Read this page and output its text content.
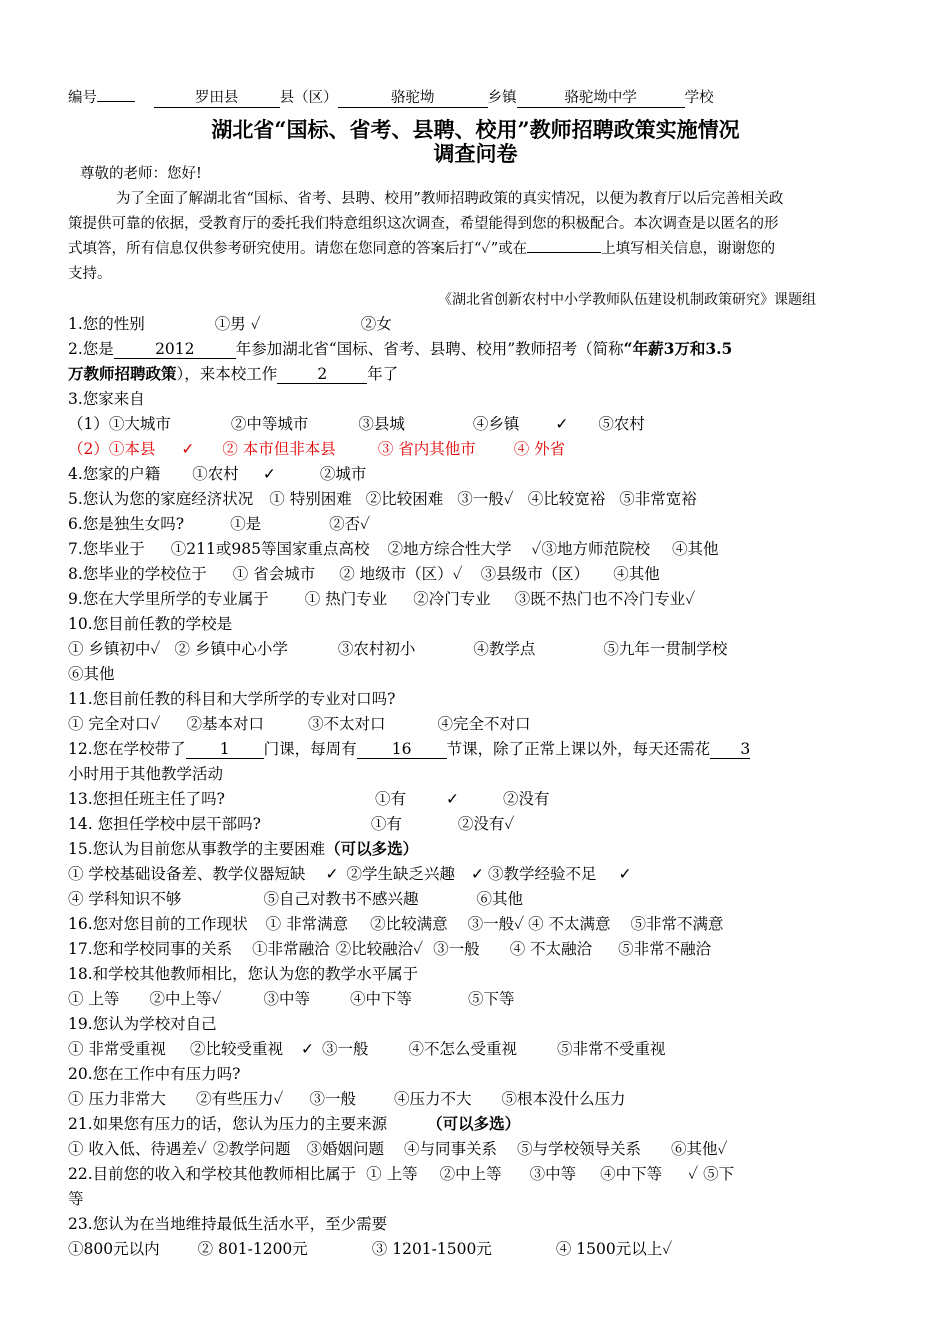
编号	罗田县	县（区）	骆驼坳	乡镇	骆驼坳中学	学校
湖北省“国标、省考、县聘、校用”教师招聘政策实施情况
调查问卷
尊敬的老师：您好!
为了全面了解湖北省“国标、省考、县聘、校用”教师招聘政策的真实情况，以便为教育厅以后完善相关政
策提供可靠的依据，受教育厅的委托我们特意组织这次调查，希望能得到您的积极配合。本次调查是以匿名的形
式填答，所有信息仅供参考研究使用。请您在您同意的答案后打“✓”或在	上填写相关信息，谢谢您的
支持。
《湖北省创新农村中小学教师队伍建设机制政策研究》课题组
1.您的性别	①男 ✓	②女
2.您是	2012	年参加湖北省“国标、省考、县聘、校用”教师招考（简称“年薪3万和3.5
万教师招聘政策），来本校工作	2	年了
3.您家来自
（1）①大城市	②中等城市	③县城	④乡镇 ✓ ⑤农村
（2）①本县 ✓ ② 本市但非本县	③ 省内其他市 ④ 外省
4.您家的户籍 ①农村 ✓	②城市
5.您认为您的家庭经济状况 ① 特别困难 ②比较困难 ③一般✓ ④比较宽裕 ⑤非常宽裕
6.您是独生女吗?	①是	②否✓
7.您毕业于 ①211或985等国家重点高校 ②地方综合性大学 ✓③地方师范院校 ④其他
8.您毕业的学校位于 ① 省会城市 ② 地级市（区）✓ ③县级市（区） ④其他
9.您在大学里所学的专业属于 ① 热门专业 ②冷门专业 ③既不热门也不冷门专业✓
10.您目前任教的学校是
① 乡镇初中✓ ② 乡镇中心小学	③农村初小	④教学点	⑤九年一贯制学校
⑥其他
11.您目前任教的科目和大学所学的专业对口吗?
① 完全对口✓ ②基本对口	③不太对口	④完全不对口
12.您在学校带了 1 门课，每周有 16 节课，除了正常上课以外，每天还需花 3
小时用于其他教学活动
13.您担任班主任了吗?	①有	✓	②没有
14. 您担任学校中层干部吗?	①有	②没有✓
15.您认为目前您从事教学的主要困难（可以多选）
① 学校基础设备差、教学仪器短缺 ✓ ②学生缺乏兴趣 ✓ ③教学经验不足 ✓
④ 学科知识不够	⑤自己对教书不感兴趣	⑥其他
16.您对您目前的工作现状 ① 非常满意 ②比较满意 ③一般✓ ④ 不太满意 ⑤非常不满意
17.您和学校同事的关系 ①非常融洽 ②比较融洽✓ ③一般 ④ 不太融洽 ⑤非常不融洽
18.和学校其他教师相比，您认为您的教学水平属于
① 上等 ②中上等✓	③中等	④中下等	⑤下等
19.您认为学校对自己
① 非常受重视 ②比较受重视 ✓ ③一般	④不怎么受重视	⑤非常不受重视
20.您在工作中有压力吗?
① 压力非常大 ②有些压力✓ ③一般 ④压力不大 ⑤根本没什么压力
21.如果您有压力的话，您认为压力的主要来源	（可以多选）
① 收入低、待遇差✓ ②教学问题 ③婚姻问题 ④与同事关系 ⑤与学校领导关系 ⑥其他✓
22.目前您的收入和学校其他教师相比属于 ① 上等 ②中上等 ③中等 ④中下等 ✓ ⑤下
等
23.您认为在当地维持最低生活水平，至少需要
①800元以内 ② 801-1200元	③ 1201-1500元	④ 1500元以上✓
